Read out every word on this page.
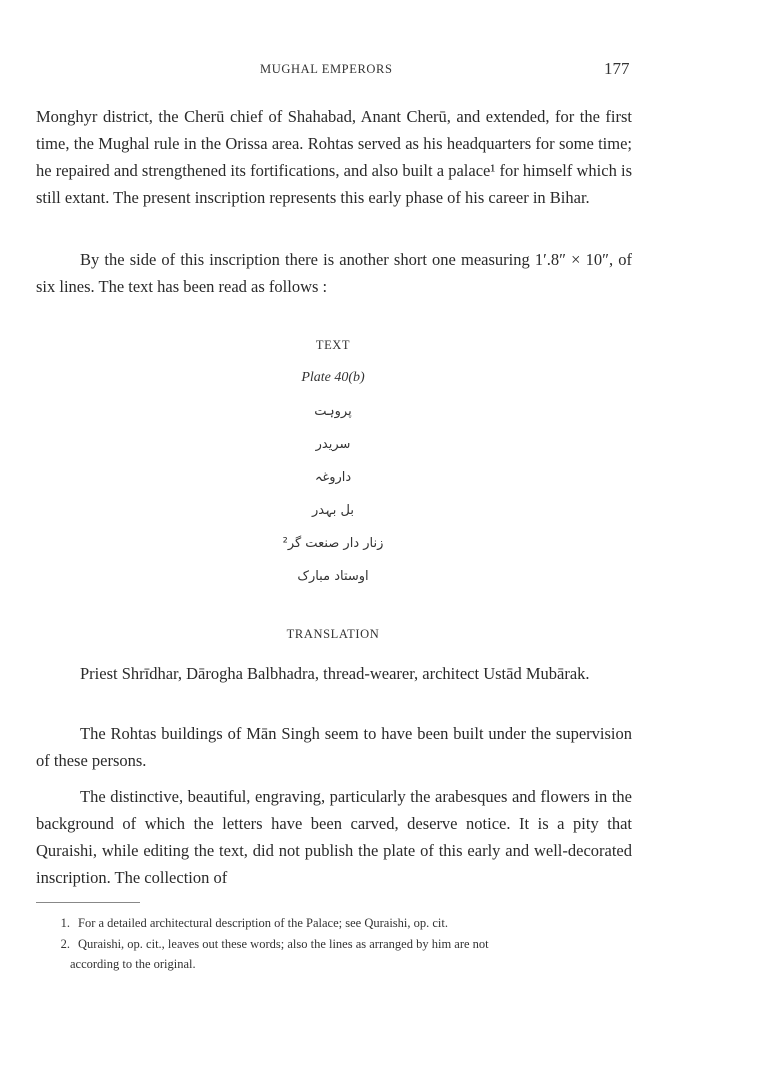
MUGHAL EMPERORS	177

Monghyr district, the Cherū chief of Shahabad, Anant Cherū, and extended, for the first time, the Mughal rule in the Orissa area. Rohtas served as his headquarters for some time; he repaired and strengthened its fortifications, and also built a palace¹ for himself which is still extant. The present inscription represents this early phase of his career in Bihar.

By the side of this inscription there is another short one measuring 1′.8″ × 10″, of six lines. The text has been read as follows :

TEXT
Plate 40(b)
پروہت
سریدر
داروغہ
بل بہدر
زنار دار صنعت گر²
اوستاد مبارک
TRANSLATION

Priest Shrīdhar, Dārogha Balbhadra, thread-wearer, architect Ustād Mubārak.

The Rohtas buildings of Mān Singh seem to have been built under the supervision of these persons.

The distinctive, beautiful, engraving, particularly the arabesques and flowers in the background of which the letters have been carved, deserve notice. It is a pity that Quraishi, while editing the text, did not publish the plate of this early and well-decorated inscription. The collection of

1. For a detailed architectural description of the Palace; see Quraishi, op. cit.

2. Quraishi, op. cit., leaves out these words; also the lines as arranged by him are not
according to the original.
